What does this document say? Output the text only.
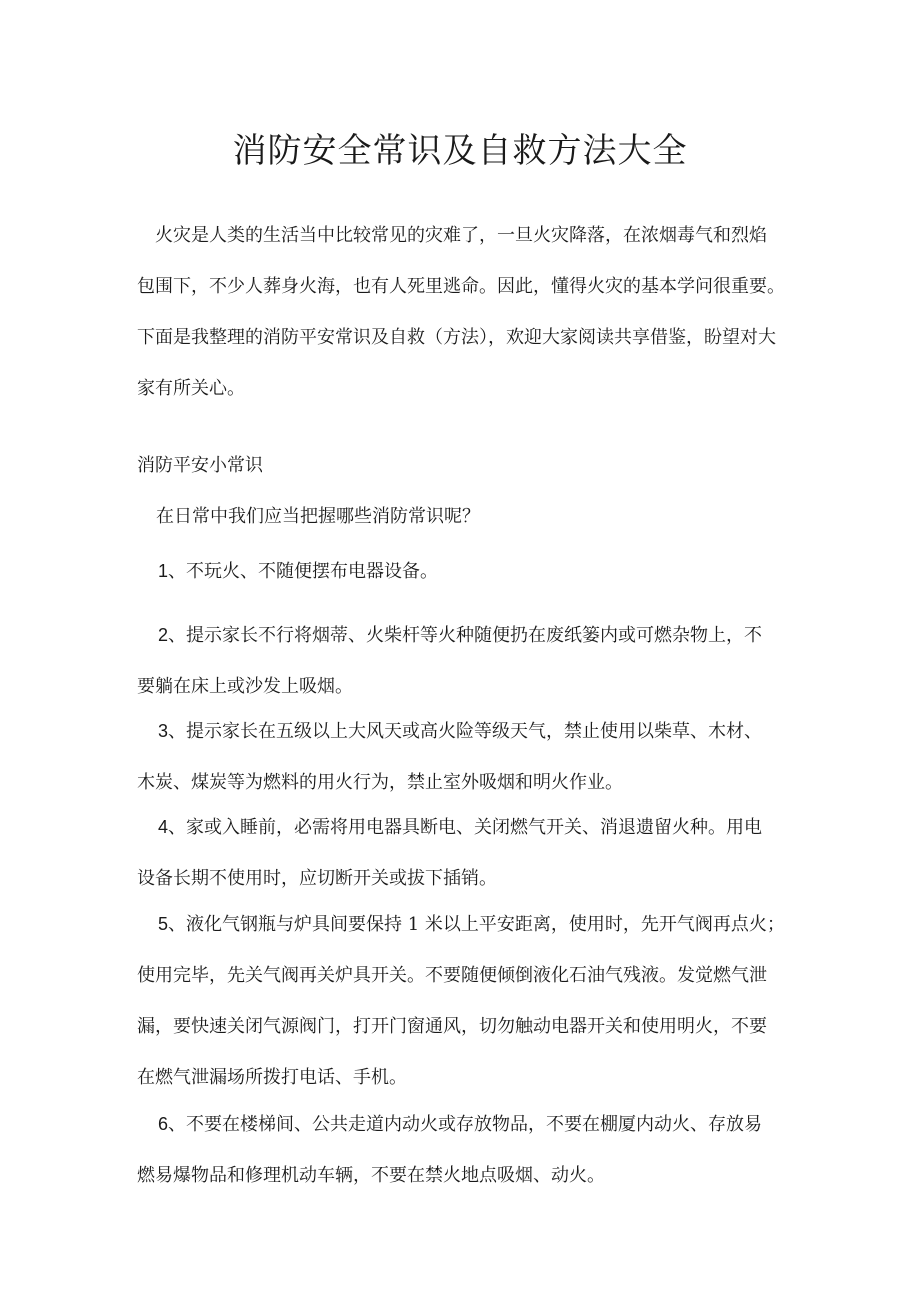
消防安全常识及自救方法大全
火灾是人类的生活当中比较常见的灾难了，一旦火灾降落，在浓烟毒气和烈焰
包围下，不少人葬身火海，也有人死里逃命。因此，懂得火灾的基本学问很重要。
下面是我整理的消防平安常识及自救（方法），欢迎大家阅读共享借鉴，盼望对大
家有所关心。
消防平安小常识
在日常中我们应当把握哪些消防常识呢？
1、不玩火、不随便摆布电器设备。
2、提示家长不行将烟蒂、火柴杆等火种随便扔在废纸篓内或可燃杂物上，不
要躺在床上或沙发上吸烟。
3、提示家长在五级以上大风天或高火险等级天气，禁止使用以柴草、木材、
木炭、煤炭等为燃料的用火行为，禁止室外吸烟和明火作业。
4、家或入睡前，必需将用电器具断电、关闭燃气开关、消退遗留火种。用电
设备长期不使用时，应切断开关或拔下插销。
5、液化气钢瓶与炉具间要保持 1 米以上平安距离，使用时，先开气阀再点火；
使用完毕，先关气阀再关炉具开关。不要随便倾倒液化石油气残液。发觉燃气泄
漏，要快速关闭气源阀门，打开门窗通风，切勿触动电器开关和使用明火，不要
在燃气泄漏场所拨打电话、手机。
6、不要在楼梯间、公共走道内动火或存放物品，不要在棚厦内动火、存放易
燃易爆物品和修理机动车辆，不要在禁火地点吸烟、动火。
